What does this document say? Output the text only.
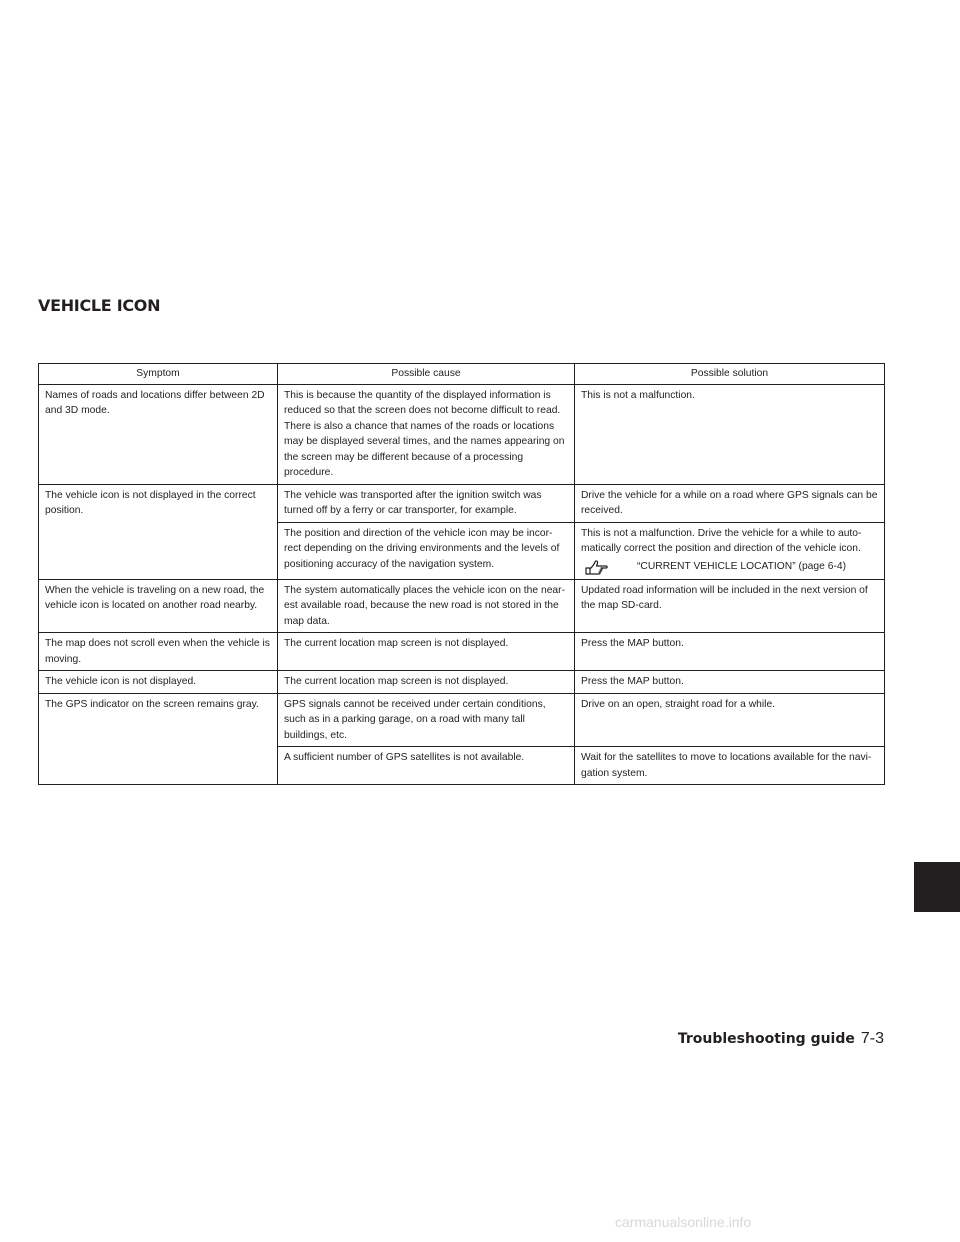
VEHICLE ICON
Symptom	Possible cause	Possible solution
Names of roads and locations differ between 2D and 3D mode.	This is because the quantity of the displayed information is reduced so that the screen does not become difficult to read. There is also a chance that names of the roads or locations may be displayed several times, and the names appearing on the screen may be different because of a processing procedure.	This is not a malfunction.
The vehicle icon is not displayed in the correct position.	The vehicle was transported after the ignition switch was turned off by a ferry or car transporter, for example.	Drive the vehicle for a while on a road where GPS signals can be received.
	The position and direction of the vehicle icon may be incor-rect depending on the driving environments and the levels of positioning accuracy of the navigation system.	This is not a malfunction. Drive the vehicle for a while to auto-matically correct the position and direction of the vehicle icon.
“CURRENT VEHICLE LOCATION” (page 6-4)

When the vehicle is traveling on a new road, the vehicle icon is located on another road nearby.	The system automatically places the vehicle icon on the near-est available road, because the new road is not stored in the map data.	Updated road information will be included in the next version of the map SD-card.
The map does not scroll even when the vehicle is moving.	The current location map screen is not displayed.	Press the MAP button.
The vehicle icon is not displayed.	The current location map screen is not displayed.	Press the MAP button.
The GPS indicator on the screen remains gray.	GPS signals cannot be received under certain conditions, such as in a parking garage, on a road with many tall buildings, etc.	Drive on an open, straight road for a while.
	A sufficient number of GPS satellites is not available.	Wait for the satellites to move to locations available for the navi-gation system.
Troubleshooting guide 7-3
carmanualsonline.info
